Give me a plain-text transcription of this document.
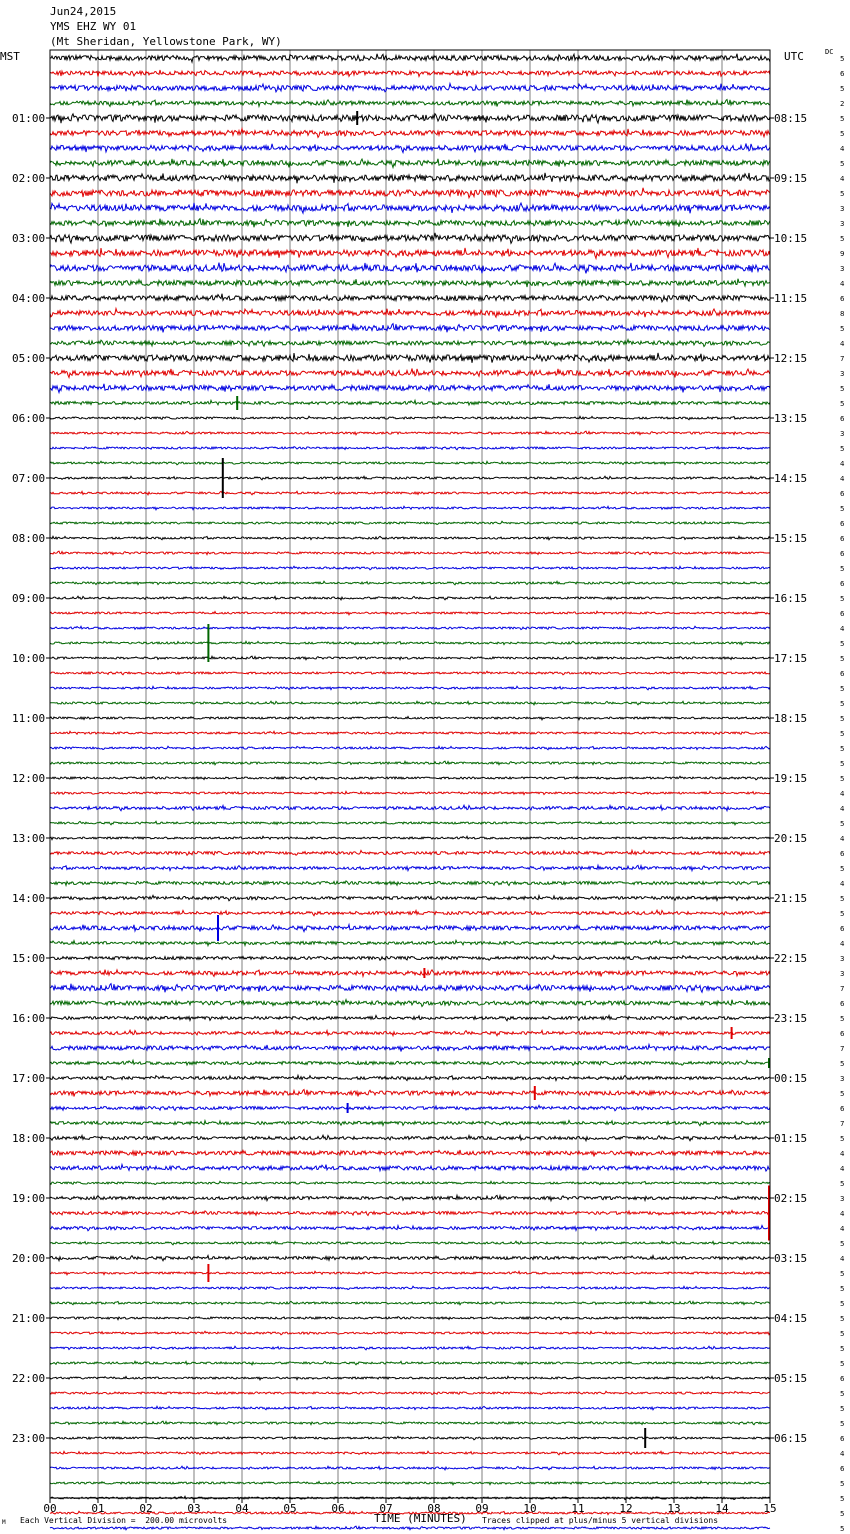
01:00
02:00
03:00
04:00
05:00
06:00
07:00
08:00
09:00
10:00
11:00
12:00
13:00
14:00
15:00
16:00
17:00
18:00
19:00
20:00
21:00
22:00
23:00
08:15
09:15
10:15
11:15
12:15
13:15
14:15
15:15
16:15
17:15
18:15
19:15
20:15
21:15
22:15
23:15
00:15
01:15
02:15
03:15
04:15
05:15
06:15
5
6
5
2
5
5
4
5
4
5
3
3
5
9
3
4
6
8
5
4
7
3
5
5
6
3
5
4
4
6
5
6
6
6
5
6
5
6
4
5
5
6
5
5
5
5
5
5
5
4
4
5
4
6
5
4
5
5
6
4
3
3
7
6
5
6
7
5
3
5
6
7
5
4
4
5
3
4
4
5
4
5
5
5
5
5
5
5
6
5
5
5
6
4
6
5
5
5
5
00	01	02	03	04	05	06	07	08	09	10	11	12	13	14	15
Jun24,2015
YMS EHZ WY 01
(Mt Sheridan, Yellowstone Park, WY)
MST	UTC	DC
M Each Vertical Division =  200.00 microvolts	TIME (MINUTES) Traces clipped at plus/minus 5 vertical divisions
